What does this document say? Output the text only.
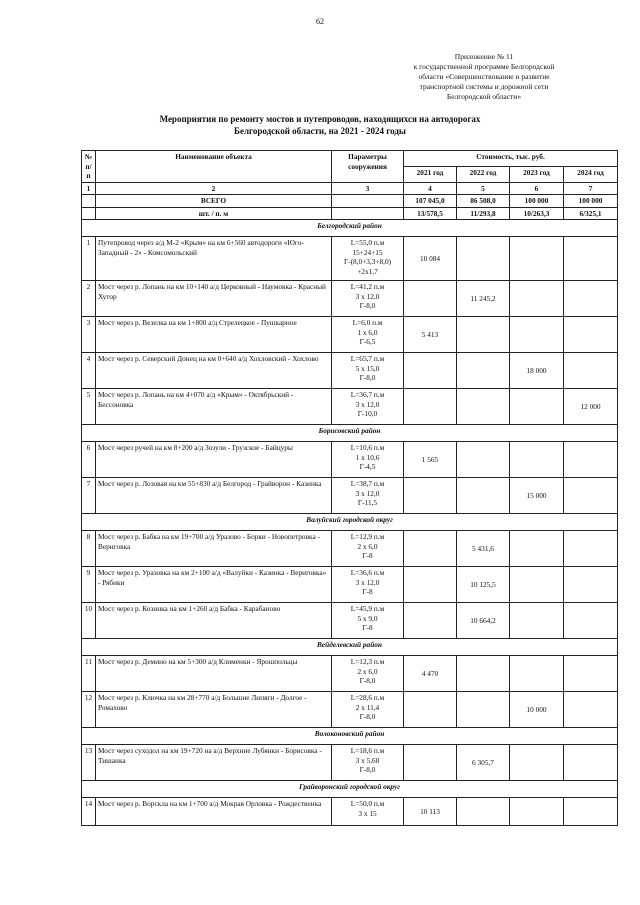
62
Приложение № 11
к государственной программе Белгородской
области «Совершенствование и развитие
транспортной системы и дорожной сети
Белгородской области»
Мероприятия по ремонту мостов и путепроводов, находящихся на автодорогах
Белгородской области, на 2021 - 2024 годы
№ п/п	Наименование объекта	Параметры сооружения	Стоимость, тыс. руб.			
			2021 год	2022 год	2023 год	2024 год
1	2	3	4	5	6	7
	ВСЕГО		107 045,0	86 508,0	100 000	100 000
	шт. / п. м		13/578,5	11/293,8	10/263,3	6/325,1
Белгородский район						
1	Путепровод через а/д М-2 «Крым» на км 6+560 автодороги «Юго-Западный - 2» - Комсомольский	L=55,0 п.м
15+24+15
Г-(8,0+3,3+8,0)
+2х1,7	10 084			
2	Мост через р. Лопань на км 10+140 а/д Церковный - Наумовка - Красный Хутор	L=41,2 п.м
3 х 12,0
Г-8,0		11 245,2		
3	Мост через р. Везелка на км 1+800 а/д Стрелецкое - Пушкарное	L=6,0 п.м
1 х 6,0
Г-6,5	5 413			
4	Мост через р. Северский Донец на км 0+640 а/д Хохловский - Хохлово	L=65,7 п.м
5 х 15,0
Г-8,0			18 000	
5	Мост через р. Лопань на км 4+070 а/д «Крым» - Октябрьский - Бессоновка	L=36,7 п.м
3 х 12,0
Г-10,0				12 000
Борисовский район						
6	Мост через ручей на км 8+200 а/д Зозули - Грузское - Байцуры	L=10,6 п.м
1 х 10,6
Г-4,5	1 565			
7	Мост через р. Лозовая на км 55+830 а/д Белгород - Грайворон - Казинка	L=38,7 п.м
3 х 12,0
Г-11,5			15 000	
Валуйский городской округ						
8	Мост через р. Бабка на км 19+700 а/д Уразово - Борки - Новопетровка - Вериговка	L=12,9 п.м
2 х 6,0
Г-8		5 431,6		
9	Мост через р. Уразовка на км 2+100 а/д «Валуйки - Казинка - Вериговка» - Рябики	L=36,6 п.м
3 х 12,0
Г-8		10 125,5		
10	Мост через р. Козинка на км 1+260 а/д Бабка - Карабаново	L=45,9 п.м
5 х 9,0
Г-8		10 664,2		
Вейделевский район						
11	Мост через р. Демино на км 5+300 а/д Клименки - Ярошпольцы	L=12,3 п.м
2 х 6,0
Г-8,0	4 470			
12	Мост через р. Ключка на км 28+770 а/д Большие Липяги - Долгое - Ромахово	L=28,6 п.м
2 х 11,4
Г-8,0			10 000	
Волоконовский район						
13	Мост через суходол на км 19+720 на а/д Верхние Лубянки - Борисовка - Тишанка	L=18,6 п.м
3 х 5,68
Г-8,0		6 305,7		
Грайворонский городской округ						
14	Мост через р. Ворскла на км 1+700 а/д Мокрая Орловка - Рождественка	L=50,0 п.м
3 х 15	10 113			
